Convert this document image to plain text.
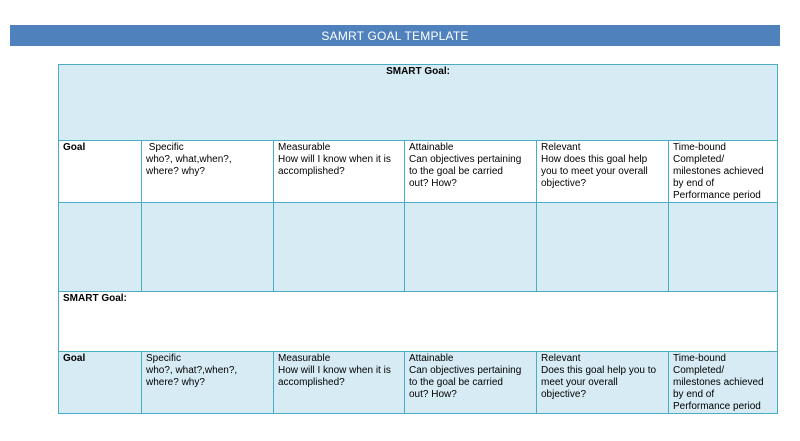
SAMRT GOAL TEMPLATE
SMART Goal:					
Goal	Specific
who?, what,when?,
where? why?	Measurable
How will I know when it is
accomplished?	Attainable
Can objectives pertaining
to the goal be carried
out? How?	Relevant
How does this goal help
you to meet your overall
objective?	Time-bound
Completed/
milestones achieved
by end of
Performance period

SMART Goal:					
Goal	Specific
who?, what?,when?,
where? why?	Measurable
How will I know when it is
accomplished?	Attainable
Can objectives pertaining
to the goal be carried
out? How?	Relevant
Does this goal help you to
meet your overall
objective?	Time-bound
Completed/
milestones achieved
by end of
Performance period
